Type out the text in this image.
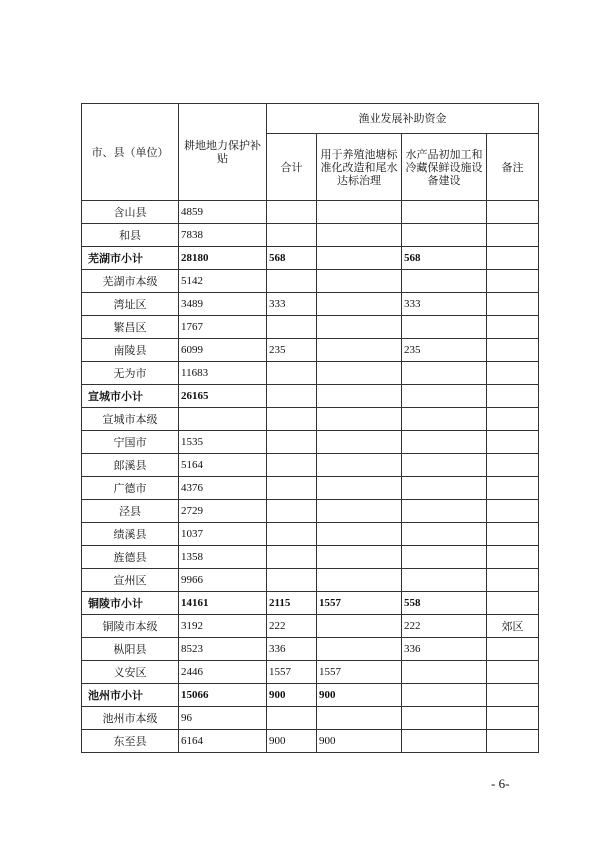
市、县（单位）	耕地地力保护补贴	渔业发展补助资金			
		合计	用于养殖池塘标准化改造和尾水达标治理	水产品初加工和冷藏保鲜设施设备建设	备注
含山县	4859				
和县	7838				
芜湖市小计	28180	568		568	
芜湖市本级	5142				
湾址区	3489	333		333	
繁昌区	1767				
南陵县	6099	235		235	
无为市	11683				
宣城市小计	26165				
宣城市本级					
宁国市	1535				
郎溪县	5164				
广德市	4376				
泾县	2729				
绩溪县	1037				
旌德县	1358				
宣州区	9966				
铜陵市小计	14161	2115	1557	558	
铜陵市本级	3192	222		222	郊区
枞阳县	8523	336		336	
义安区	2446	1557	1557		
池州市小计	15066	900	900		
池州市本级	96				
东至县	6164	900	900		
- 6-
